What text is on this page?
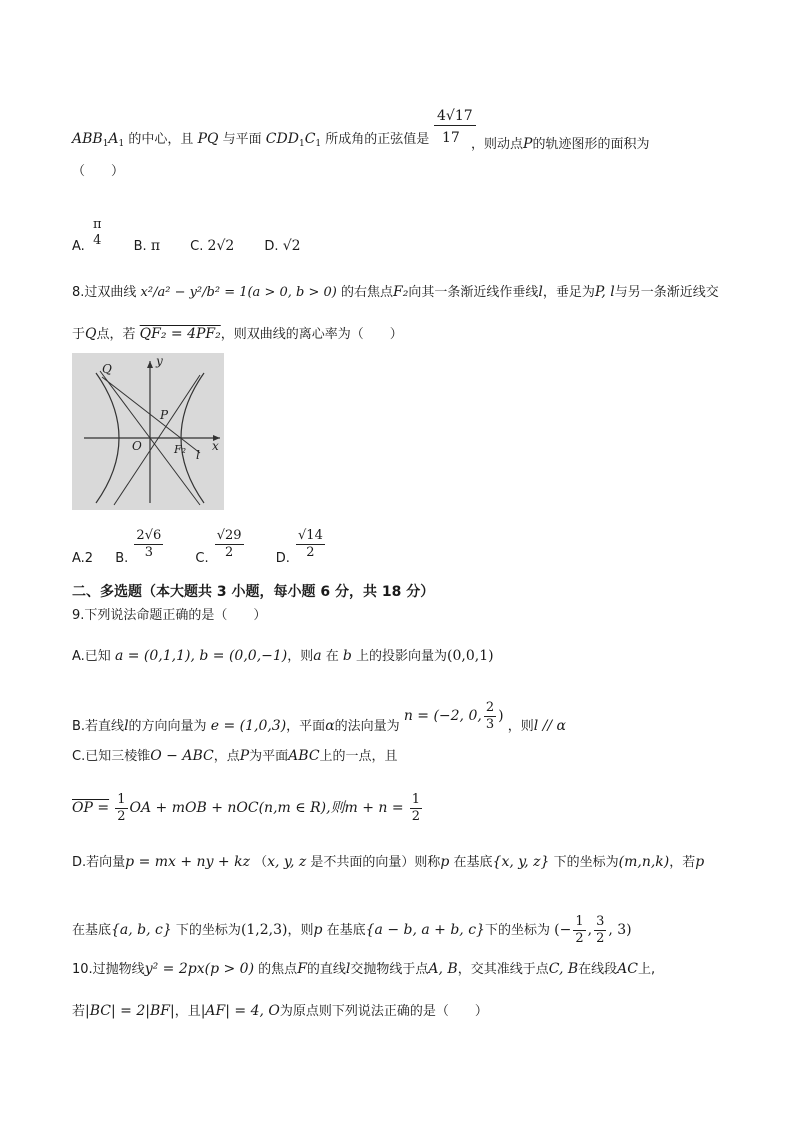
4√17
17
$ABB_1A_1$ 的中心，且 PQ 与平面 $CDD_1C_1$ 所成角的正弦值是	，则动点P的轨迹图形的面积为
（　　）
A.
π
4 B. π C. 2√2 D. √2
8.过双曲线 x²/a² − y²/b² = 1(a > 0, b > 0) 的右焦点F₂向其一条渐近线作垂线l，垂足为P, l与另一条渐近线交
于Q点，若 QF₂ = 4PF₂，则双曲线的离心率为（　　）
y
x
Q
P
O	F₂ l
A.2 B. $\frac{2√6}{3} C$. $\frac{√29}{2} D$. $\frac{√14}{2}$
二、多选题（本大题共 3 小题，每小题 6 分，共 18 分）
9.下列说法命题正确的是（　　）
A.已知 a = (0,1,1), b = (0,0,−1)，则a 在 b 上的投影向量为(0,0,1)
B.若直线l的方向向量为 e = (1,0,3)，平面α的法向量为 n = (−2, 0, $\frac{2}{3}$ ) ，则l // α
C.已知三棱锥O − ABC，点P为平面ABC上的一点，且
OP = $\frac{1}{2}$ OA + mOB + nOC(n,m ∈ R),则$m + n = \frac{1}{2}$
D.若向量p = mx + ny + kz （x, y, z 是不共面的向量）则称p 在基底{x, y, z} 下的坐标为(m,n,k)，若p
在基底{a, b, c} 下的坐标为(1,2,3)，则p 在基底{a − b, a + b, c}下的坐标为 (− $\frac{1}{2}$ , $\frac{3}{2}$ , 3)
10.过抛物线y² = 2px(p > 0) 的焦点F的直线l交抛物线于点A, B，交其准线于点C, B在线段AC上,
若|BC| = 2|BF|，且|AF| = 4, O为原点则下列说法正确的是（　　）
